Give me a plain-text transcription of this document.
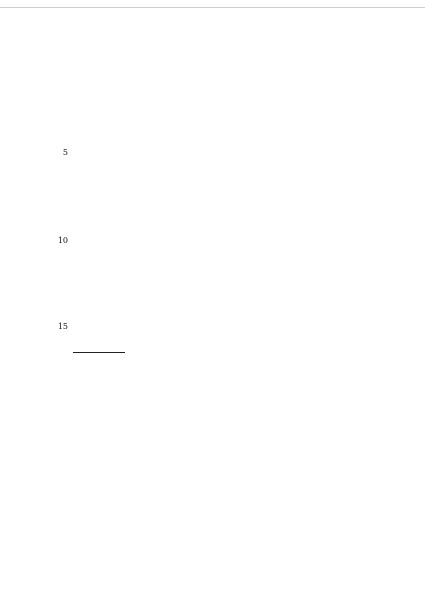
5
10
15
